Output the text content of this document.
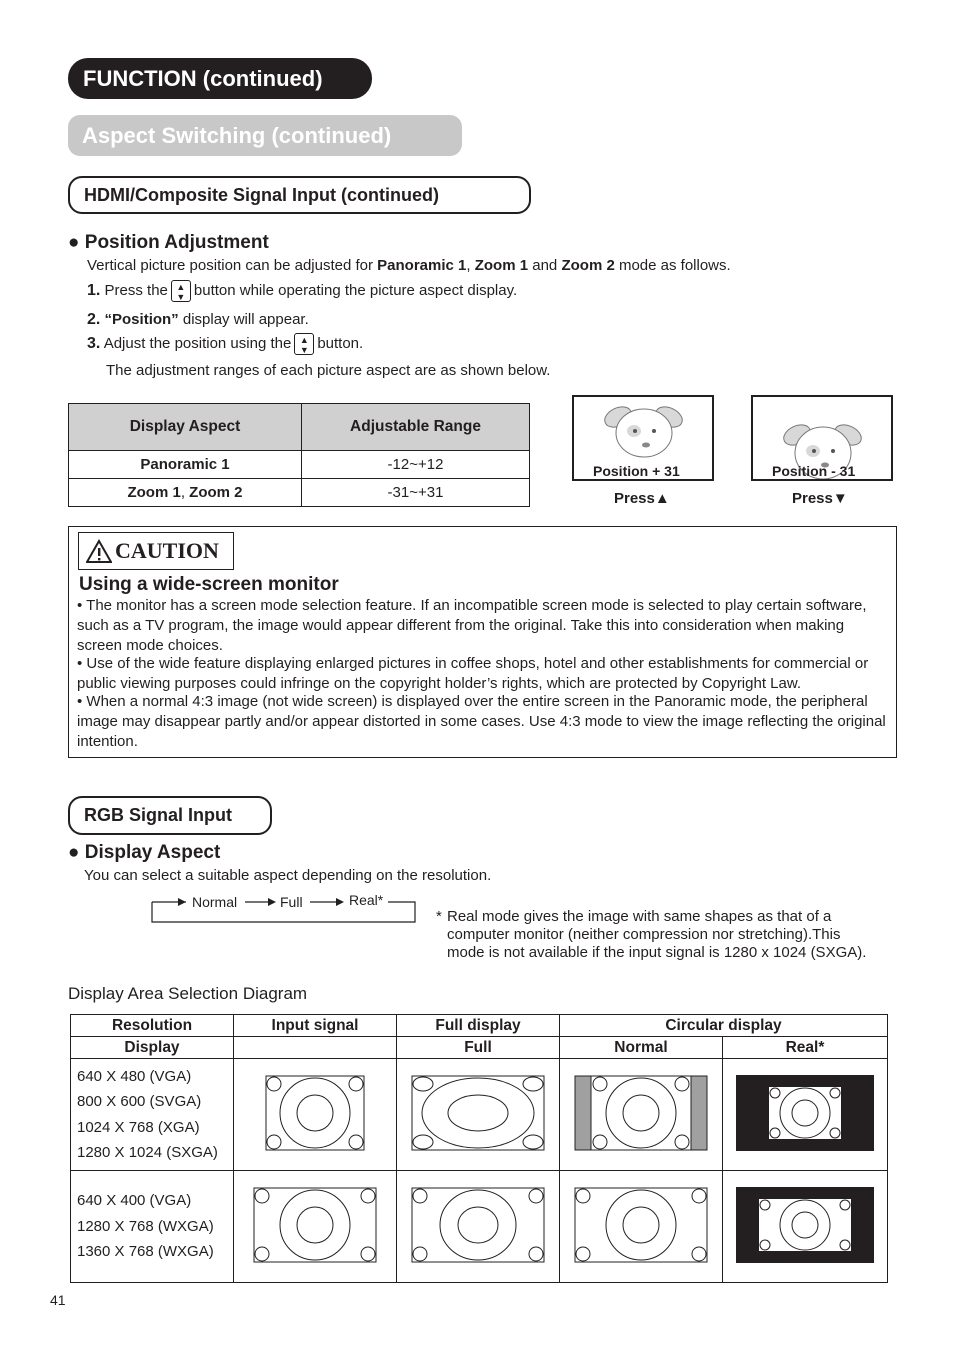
FUNCTION (continued)
Aspect Switching (continued)
HDMI/Composite Signal Input (continued)
● Position Adjustment
Vertical picture position can be adjusted for Panoramic 1, Zoom 1 and Zoom 2 mode as follows.
1. Press the ▲
▼ button while operating the picture aspect display.
2. “Position” display will appear.
3. Adjust the position using the ▲
▼ button.
The adjustment ranges of each picture aspect are as shown below.
Display Aspect	Adjustable Range
Panoramic 1	-12~+12
Zoom 1, Zoom 2	-31~+31
Position + 31
Press▲
Position - 31
Press▼
CAUTION
Using a wide-screen monitor
• The monitor has a screen mode selection feature. If an incompatible screen mode is selected to play certain software, such as a TV program, the image would appear different from the original. Take this into consideration when making screen mode choices.
• Use of the wide feature displaying enlarged pictures in coffee shops, hotel and other establishments for commercial or public viewing purposes could infringe on the copyright holder’s rights, which are protected by Copyright Law.
• When a normal 4:3 image (not wide screen) is displayed over the entire screen in the Panoramic mode, the peripheral image may disappear partly and/or appear distorted in some cases. Use 4:3 mode to view the image reflecting the original intention.
RGB Signal Input
● Display Aspect
You can select a suitable aspect depending on the resolution.
Normal	Full	Real*
* Real mode gives the image with same shapes as that of a
computer monitor (neither compression nor stretching).This
mode is not available if the input signal is 1280 x 1024 (SXGA).
Display Area Selection Diagram
Resolution	Input signal	Full display	Circular display	
Display		Full	Normal	Real*

640 X 480 (VGA)
800 X 600 (SVGA)
1024 X 768 (XGA)
1280 X 1024 (SXGA)

640 X 400 (VGA)
1280 X 768 (WXGA)
1360 X 768 (WXGA)

41
